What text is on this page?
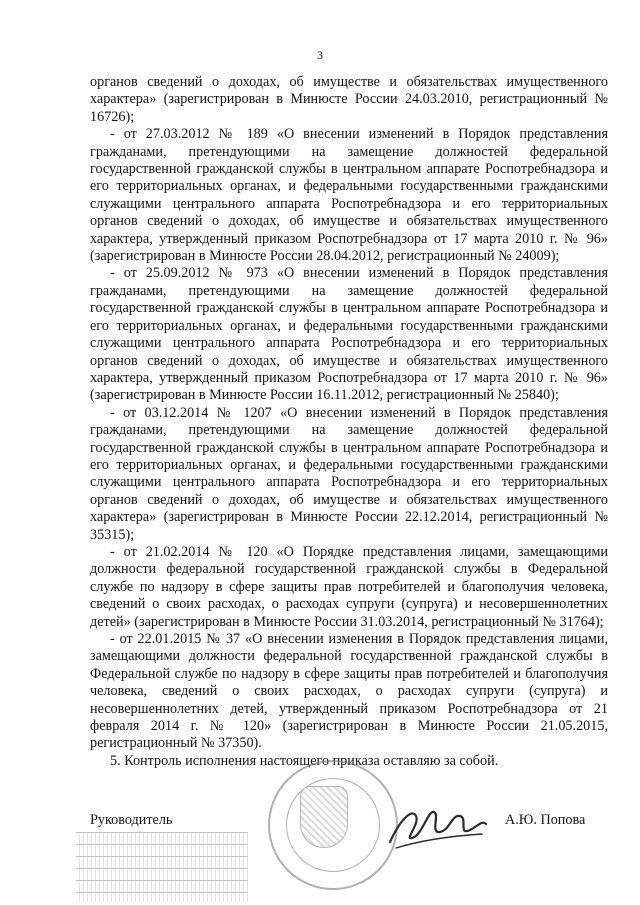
3

органов сведений о доходах, об имуществе и обязательствах имущественного характера» (зарегистрирован в Минюсте России 24.03.2010, регистрационный № 16726);

- от 27.03.2012 № 189 «О внесении изменений в Порядок представления гражданами, претендующими на замещение должностей федеральной государственной гражданской службы в центральном аппарате Роспотребнадзора и его территориальных органах, и федеральными государственными гражданскими служащими центрального аппарата Роспотребнадзора и его территориальных органов сведений о доходах, об имуществе и обязательствах имущественного характера, утвержденный приказом Роспотребнадзора от 17 марта 2010 г. № 96» (зарегистрирован в Минюсте России 28.04.2012, регистрационный № 24009);

- от 25.09.2012 № 973 «О внесении изменений в Порядок представления гражданами, претендующими на замещение должностей федеральной государственной гражданской службы в центральном аппарате Роспотребнадзора и его территориальных органах, и федеральными государственными гражданскими служащими центрального аппарата Роспотребнадзора и его территориальных органов сведений о доходах, об имуществе и обязательствах имущественного характера, утвержденный приказом Роспотребнадзора от 17 марта 2010 г. № 96» (зарегистрирован в Минюсте России 16.11.2012, регистрационный № 25840);

- от 03.12.2014 № 1207 «О внесении изменений в Порядок представления гражданами, претендующими на замещение должностей федеральной государственной гражданской службы в центральном аппарате Роспотребнадзора и его территориальных органах, и федеральными государственными гражданскими служащими центрального аппарата Роспотребнадзора и его территориальных органов сведений о доходах, об имуществе и обязательствах имущественного характера» (зарегистрирован в Минюсте России 22.12.2014, регистрационный № 35315);

- от 21.02.2014 № 120 «О Порядке представления лицами, замещающими должности федеральной государственной гражданской службы в Федеральной службе по надзору в сфере защиты прав потребителей и благополучия человека, сведений о своих расходах, о расходах супруги (супруга) и несовершеннолетних детей» (зарегистрирован в Минюсте России 31.03.2014, регистрационный № 31764);

- от 22.01.2015 № 37 «О внесении изменения в Порядок представления лицами, замещающими должности федеральной государственной гражданской службы в Федеральной службе по надзору в сфере защиты прав потребителей и благополучия человека, сведений о своих расходах, о расходах супруги (супруга) и несовершеннолетних детей, утвержденный приказом Роспотребнадзора от 21 февраля 2014 г. № 120» (зарегистрирован в Минюсте России 21.05.2015, регистрационный № 37350).

5. Контроль исполнения настоящего приказа оставляю за собой.

Руководитель	А.Ю. Попова
